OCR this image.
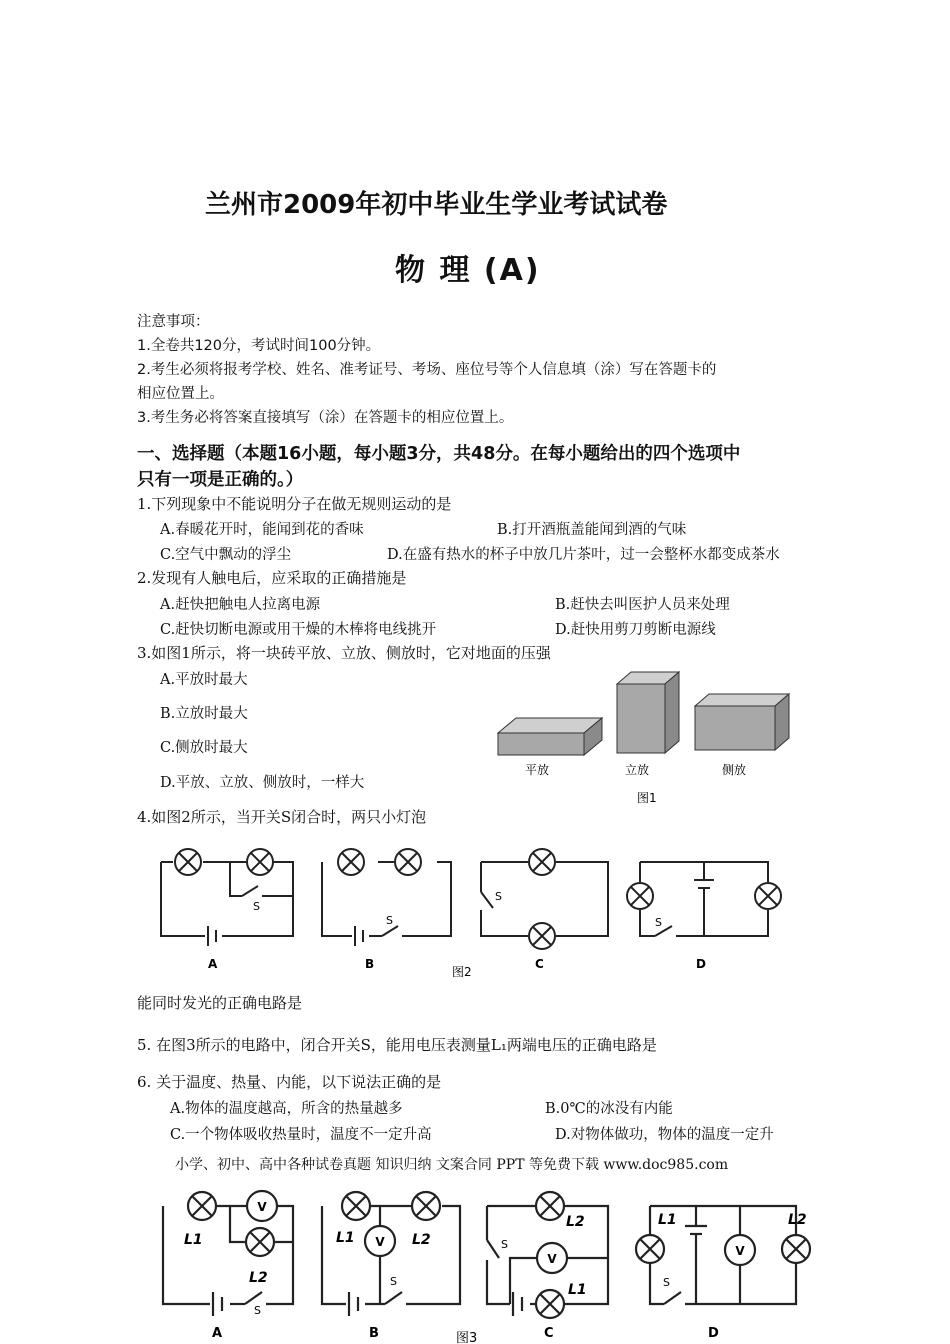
兰州市2009年初中毕业生学业考试试卷
物 理 (A)
注意事项：
1.全卷共120分，考试时间100分钟。
2.考生必须将报考学校、姓名、准考证号、考场、座位号等个人信息填（涂）写在答题卡的
相应位置上。
3.考生务必将答案直接填写（涂）在答题卡的相应位置上。
一、选择题（本题16小题，每小题3分，共48分。在每小题给出的四个选项中
只有一项是正确的。）
1.下列现象中不能说明分子在做无规则运动的是
A.春暖花开时，能闻到花的香味	B.打开酒瓶盖能闻到酒的气味
C.空气中飘动的浮尘	D.在盛有热水的杯子中放几片茶叶，过一会整杯水都变成茶水
2.发现有人触电后，应采取的正确措施是
A.赶快把触电人拉离电源	B.赶快去叫医护人员来处理
C.赶快切断电源或用干燥的木棒将电线挑开	D.赶快用剪刀剪断电源线
3.如图1所示，将一块砖平放、立放、侧放时，它对地面的压强
A.平放时最大
B.立放时最大
C.侧放时最大
D.平放、立放、侧放时，一样大
平放	立放	侧放
图1
4.如图2所示，当开关S闭合时，两只小灯泡
S
S
S
S
A	B	C	D
图2
能同时发光的正确电路是
5. 在图3所示的电路中，闭合开关S，能用电压表测量L₁两端电压的正确电路是
6. 关于温度、热量、内能，以下说法正确的是
A.物体的温度越高，所含的热量越多	B.0℃的冰没有内能
C.一个物体吸收热量时，温度不一定升高	D.对物体做功，物体的温度一定升
小学、初中、高中各种试卷真题 知识归纳 文案合同 PPT 等免费下载 www.doc985.com
L1
L2
L1	L2
L2
L1
L1	L2
V
V
V
V
S
S
S
S
A	B	C	D
图3
